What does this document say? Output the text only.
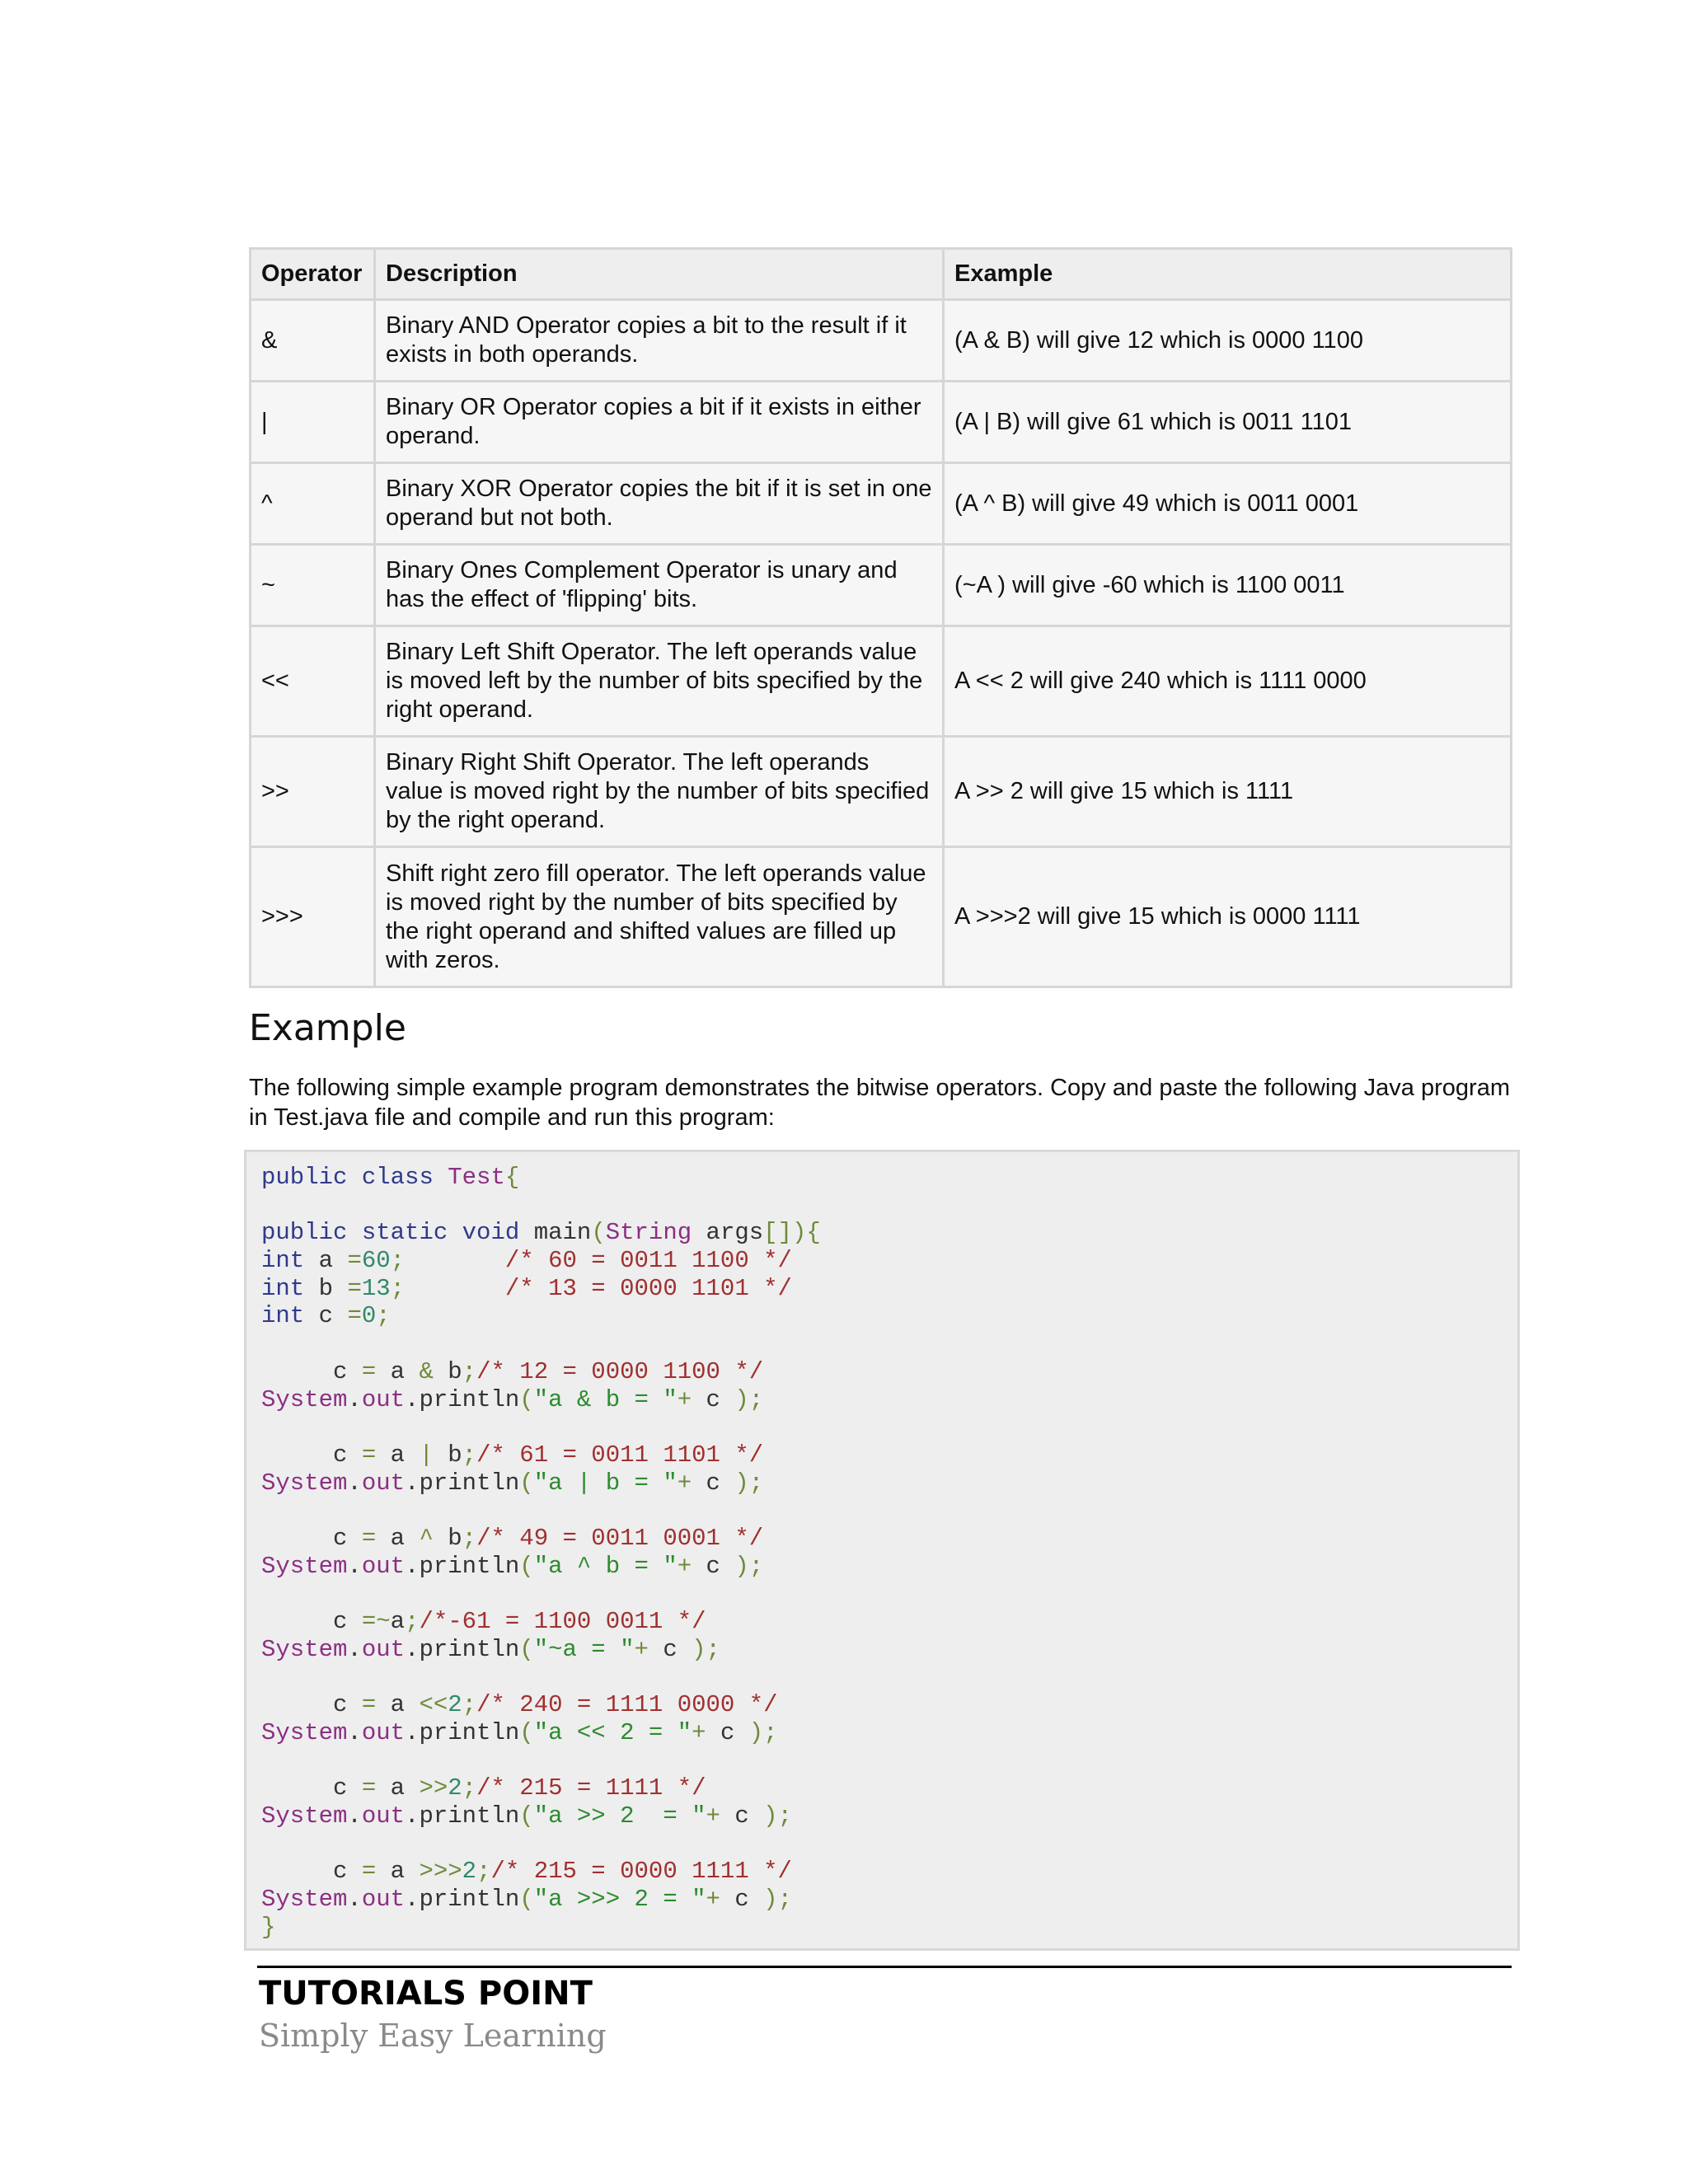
Operator	Description	Example
&	Binary AND Operator copies a bit to the result if it exists in both operands.	(A & B) will give 12 which is 0000 1100
|	Binary OR Operator copies a bit if it exists in either operand.	(A | B) will give 61 which is 0011 1101
^	Binary XOR Operator copies the bit if it is set in one operand but not both.	(A ^ B) will give 49 which is 0011 0001
~	Binary Ones Complement Operator is unary and has the effect of 'flipping' bits.	(~A ) will give -60 which is 1100 0011
<<	Binary Left Shift Operator. The left operands value is moved left by the number of bits specified by the right operand.	A << 2 will give 240 which is 1111 0000
>>	Binary Right Shift Operator. The left operands value is moved right by the number of bits specified by the right operand.	A >> 2 will give 15 which is 1111
>>>	Shift right zero fill operator. The left operands value is moved right by the number of bits specified by the right operand and shifted values are filled up with zeros.	A >>>2 will give 15 which is 0000 1111
Example

The following simple example program demonstrates the bitwise operators. Copy and paste the following Java program in Test.java file and compile and run this program:

public class Test{

public static void main(String args[]){
int a =60;	/* 60 = 0011 1100 */
int b =13;	/* 13 = 0000 1101 */
int c =0;

c = a & b;/* 12 = 0000 1100 */
System.out.println("a & b = "+ c );

c = a | b;/* 61 = 0011 1101 */
System.out.println("a | b = "+ c );

c = a ^ b;/* 49 = 0011 0001 */
System.out.println("a ^ b = "+ c );

c =~a;/*-61 = 1100 0011 */
System.out.println("~a = "+ c );

c = a <<2;/* 240 = 1111 0000 */
System.out.println("a << 2 = "+ c );

c = a >>2;/* 215 = 1111 */
System.out.println("a >> 2  = "+ c );

c = a >>>2;/* 215 = 0000 1111 */
System.out.println("a >>> 2 = "+ c );
}

TUTORIALS POINT

Simply Easy Learning
